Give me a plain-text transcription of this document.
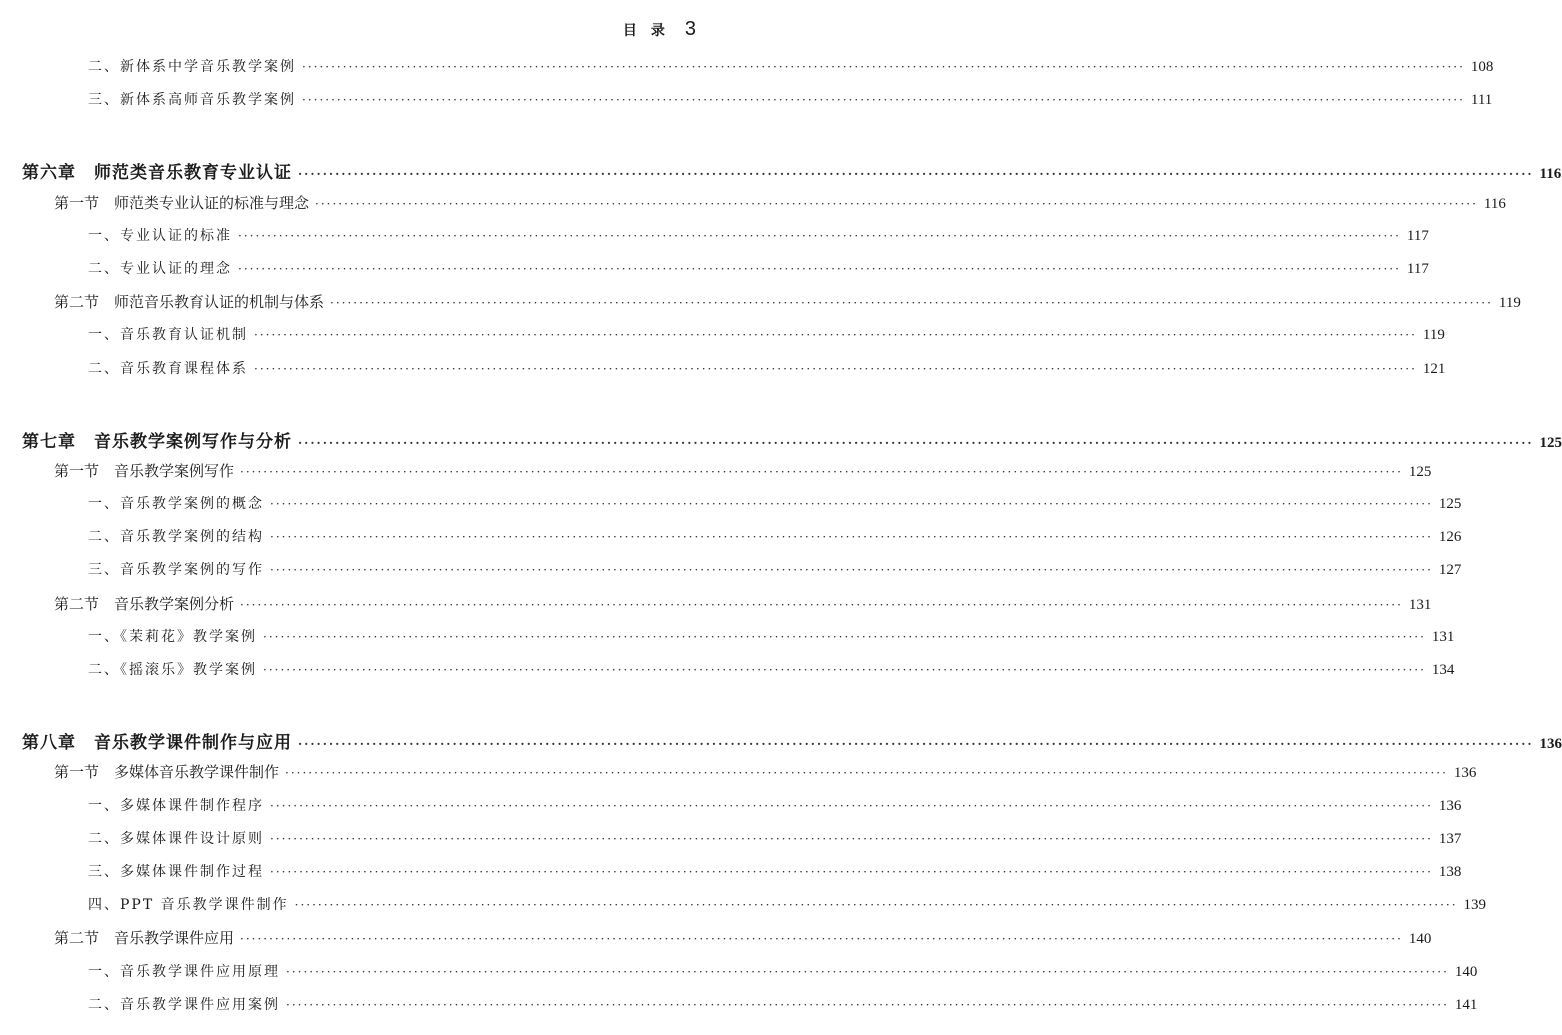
目录 3
二、新体系中学音乐教学案例 ········································································································································································································ 108
三、新体系高师音乐教学案例 ········································································································································································································ 111
第六章　师范类音乐教育专业认证 ········································································································································································································ 116
第一节　师范类专业认证的标准与理念 ········································································································································································································ 116
一、专业认证的标准 ········································································································································································································ 117
二、专业认证的理念 ········································································································································································································ 117
第二节　师范音乐教育认证的机制与体系 ········································································································································································································ 119
一、音乐教育认证机制 ········································································································································································································ 119
二、音乐教育课程体系 ········································································································································································································ 121
第七章　音乐教学案例写作与分析 ········································································································································································································ 125
第一节　音乐教学案例写作 ········································································································································································································ 125
一、音乐教学案例的概念 ········································································································································································································ 125
二、音乐教学案例的结构 ········································································································································································································ 126
三、音乐教学案例的写作 ········································································································································································································ 127
第二节　音乐教学案例分析 ········································································································································································································ 131
一、《茉莉花》教学案例 ········································································································································································································ 131
二、《摇滚乐》教学案例 ········································································································································································································ 134
第八章　音乐教学课件制作与应用 ········································································································································································································ 136
第一节　多媒体音乐教学课件制作 ········································································································································································································ 136
一、多媒体课件制作程序 ········································································································································································································ 136
二、多媒体课件设计原则 ········································································································································································································ 137
三、多媒体课件制作过程 ········································································································································································································ 138
四、PPT 音乐教学课件制作 ········································································································································································································ 139
第二节　音乐教学课件应用 ········································································································································································································ 140
一、音乐教学课件应用原理 ········································································································································································································ 140
二、音乐教学课件应用案例 ········································································································································································································ 141
